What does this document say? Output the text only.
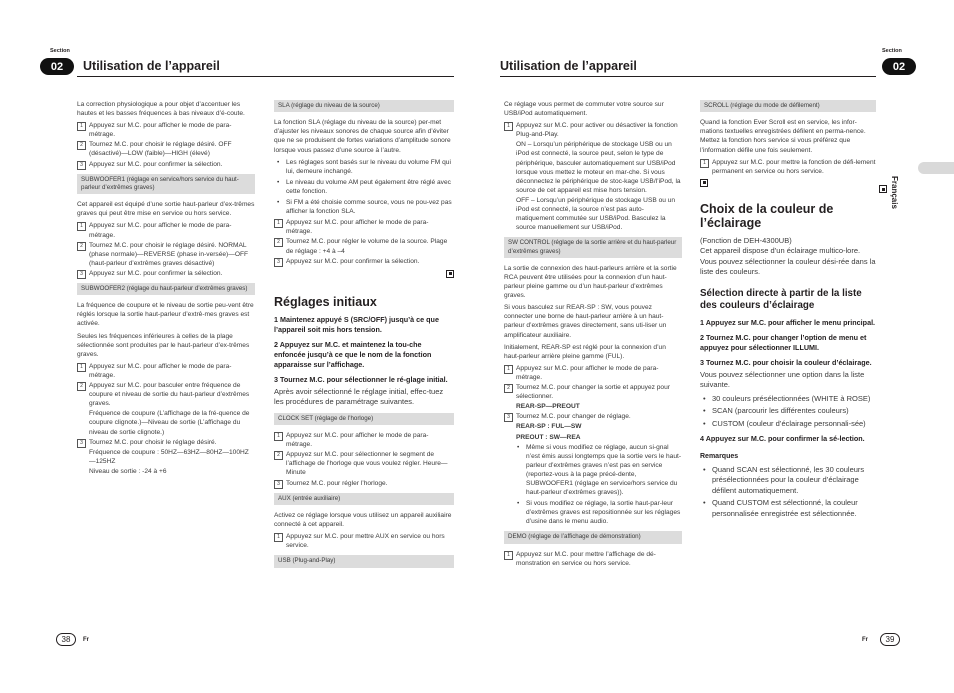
Section
02	Utilisation de l’appareil
Section
02
Utilisation de l’appareil

La correction physiologique a pour objet d’accentuer les hautes et les basses fréquences à bas niveaux d’é-coute.

1 Appuyez sur M.C. pour afficher le mode de para-métrage.
2 Tournez M.C. pour choisir le réglage désiré. OFF (désactivé)—LOW (faible)—HIGH (élevé)
3 Appuyez sur M.C. pour confirmer la sélection.
SUBWOOFER1 (réglage en service/hors service du haut-parleur d’extrêmes graves)

Cet appareil est équipé d’une sortie haut-parleur d’ex-trêmes graves qui peut être mise en service ou hors service.

1 Appuyez sur M.C. pour afficher le mode de para-métrage.
2 Tournez M.C. pour choisir le réglage désiré. NORMAL (phase normale)—REVERSE (phase in-versée)—OFF (haut-parleur d’extrêmes graves désactivé)
3 Appuyez sur M.C. pour confirmer la sélection.
SUBWOOFER2 (réglage du haut-parleur d’extrêmes graves)

La fréquence de coupure et le niveau de sortie peu-vent être réglés lorsque la sortie haut-parleur d’extrê-mes graves est activée.

Seules les fréquences inférieures à celles de la plage sélectionnée sont produites par le haut-parleur d’ex-trêmes graves.

1 Appuyez sur M.C. pour afficher le mode de para-métrage.
2 Appuyez sur M.C. pour basculer entre fréquence de coupure et niveau de sortie du haut-parleur d’extrêmes graves.
Fréquence de coupure (L’affichage de la fré-quence de coupure clignote.)—Niveau de sortie (L’affichage du niveau de sortie clignote.)
3 Tournez M.C. pour choisir le réglage désiré.
Fréquence de coupure : 50HZ—63HZ—80HZ—100HZ—125HZ
Niveau de sortie : -24 à +6
SLA (réglage du niveau de la source)

La fonction SLA (réglage du niveau de la source) per-met d’ajuster les niveaux sonores de chaque source afin d’éviter que ne se produisent de fortes variations d’amplitude sonore lorsque vous passez d’une source à l’autre.

• Les réglages sont basés sur le niveau du volume FM qui lui, demeure inchangé.
• Le niveau du volume AM peut également être réglé avec cette fonction.
• Si FM a été choisie comme source, vous ne pou-vez pas afficher la fonction SLA.
1 Appuyez sur M.C. pour afficher le mode de para-métrage.
2 Tournez M.C. pour régler le volume de la source. Plage de réglage : +4 à –4
3 Appuyez sur M.C. pour confirmer la sélection.
Réglages initiaux
1 Maintenez appuyé S (SRC/OFF) jusqu’à ce que l’appareil soit mis hors tension.
2 Appuyez sur M.C. et maintenez la tou-che enfoncée jusqu’à ce que le nom de la fonction apparaisse sur l’affichage.
3 Tournez M.C. pour sélectionner le ré-glage initial.

Après avoir sélectionné le réglage initial, effec-tuez les procédures de paramétrage suivantes.

CLOCK SET (réglage de l’horloge)
1 Appuyez sur M.C. pour afficher le mode de para-métrage.
2 Appuyez sur M.C. pour sélectionner le segment de l’affichage de l’horloge que vous voulez régler. Heure—Minute
3 Tournez M.C. pour régler l’horloge.
AUX (entrée auxiliaire)

Activez ce réglage lorsque vous utilisez un appareil auxiliaire connecté à cet appareil.

1 Appuyez sur M.C. pour mettre AUX en service ou hors service.
USB (Plug-and-Play)

Ce réglage vous permet de commuter votre source sur USB/iPod automatiquement.

1 Appuyez sur M.C. pour activer ou désactiver la fonction Plug-and-Play.
ON – Lorsqu’un périphérique de stockage USB ou un iPod est connecté, la source peut, selon le type de périphérique, basculer automatiquement sur USB/iPod lorsque vous mettez le moteur en mar-che. Si vous déconnectez le périphérique de stoc-kage USB/l’iPod, la source de cet appareil est mise hors tension.
OFF – Lorsqu’un périphérique de stockage USB ou un iPod est connecté, la source n’est pas auto-matiquement commutée sur USB/iPod. Basculez la source manuellement sur USB/iPod.
SW CONTROL (réglage de la sortie arrière et du haut-parleur d’extrêmes graves)

La sortie de connexion des haut-parleurs arrière et la sortie RCA peuvent être utilisées pour la connexion d’un haut-parleur pleine gamme ou d’un haut-parleur d’extrêmes graves.

Si vous basculez sur REAR-SP : SW, vous pouvez connecter une borne de haut-parleur arrière à un haut-parleur d’extrêmes graves directement, sans uti-liser un amplificateur auxiliaire.

Initialement, REAR-SP est réglé pour la connexion d’un haut-parleur arrière pleine gamme (FUL).

1 Appuyez sur M.C. pour afficher le mode de para-métrage.
2 Tournez M.C. pour changer la sortie et appuyez pour sélectionner.
REAR-SP—PREOUT
3 Tournez M.C. pour changer de réglage.
REAR-SP : FUL—SW
PREOUT : SW—REA
• Même si vous modifiez ce réglage, aucun si-gnal n’est émis aussi longtemps que la sortie vers le haut-parleur d’extrêmes graves n’est pas en service (reportez-vous à la page précé-dente, SUBWOOFER1 (réglage en service/hors service du haut-parleur d’extrêmes graves)).
• Si vous modifiez ce réglage, la sortie haut-par-leur d’extrêmes graves est repositionnée sur les réglages d’usine dans le menu audio.
DEMO (réglage de l’affichage de démonstration)
1 Appuyez sur M.C. pour mettre l’affichage de dé-monstration en service ou hors service.
SCROLL (réglage du mode de défilement)

Quand la fonction Ever Scroll est en service, les infor-mations textuelles enregistrées défilent en perma-nence. Mettez la fonction hors service si vous préférez que l’information défile une fois seulement.

1 Appuyez sur M.C. pour mettre la fonction de défi-lement permanent en service ou hors service.
Choix de la couleur de l’éclairage
(Fonction de DEH-4300UB)

Cet appareil dispose d’un éclairage multico-lore. Vous pouvez sélectionner la couleur dési-rée dans la liste des couleurs.

Sélection directe à partir de la liste des couleurs d’éclairage
1 Appuyez sur M.C. pour afficher le menu principal.
2 Tournez M.C. pour changer l’option de menu et appuyez pour sélectionner ILLUMI.
3 Tournez M.C. pour choisir la couleur d’éclairage.

Vous pouvez sélectionner une option dans la liste suivante.

• 30 couleurs présélectionnées (WHITE à ROSE)
• SCAN (parcourir les différentes couleurs)
• CUSTOM (couleur d’éclairage personnali-sée)
4 Appuyez sur M.C. pour confirmer la sé-lection.
Remarques
• Quand SCAN est sélectionné, les 30 couleurs présélectionnées pour la couleur d’éclairage défilent automatiquement.
• Quand CUSTOM est sélectionné, la couleur personnalisée enregistrée est sélectionnée.
Français
38	Fr	39
Fr
